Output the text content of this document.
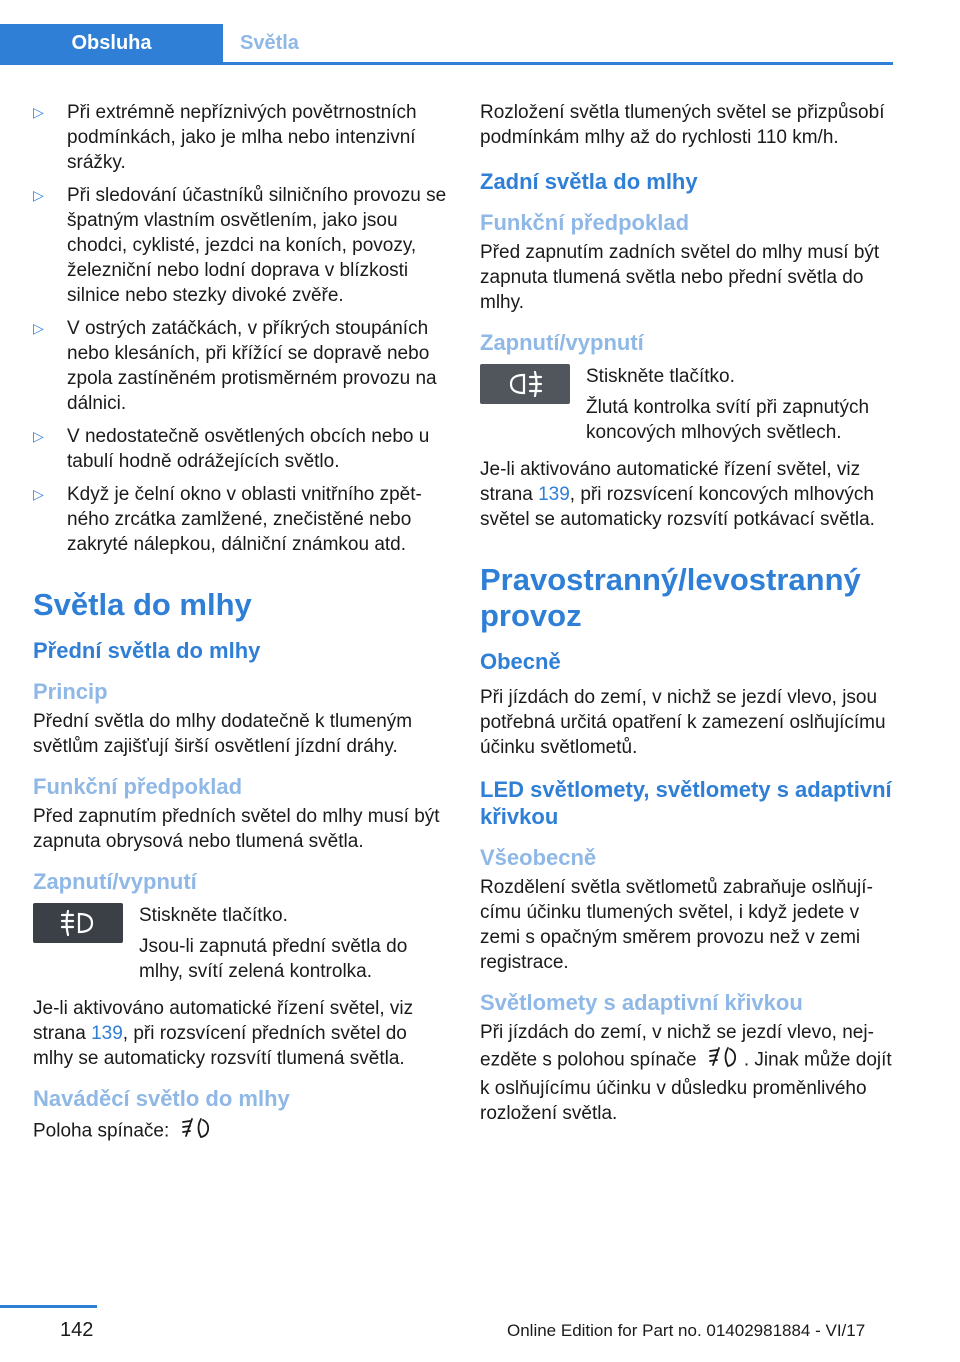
Obsluha	Světla
▷ Při extrémně nepříznivých povětrnostních podmínkách, jako je mlha nebo intenzivní srážky.
▷ Při sledování účastníků silničního provozu se špatným vlastním osvětlením, jako jsou chodci, cyklisté, jezdci na koních, povozy, železniční nebo lodní doprava v blízkosti silnice nebo stezky divoké zvěře.
▷ V ostrých zatáčkách, v příkrých stoupáních nebo klesáních, při křížící se dopravě nebo zpola zastíněném protisměrném provozu na dálnici.
▷ V nedostatečně osvětlených obcích nebo u tabulí hodně odrážejících světlo.
▷ Když je čelní okno v oblasti vnitřního zpětného zrcátka zamlžené, znečistěné nebo zakryté nálepkou, dálniční známkou atd.
Světla do mlhy
Přední světla do mlhy
Princip

Přední světla do mlhy dodatečně k tlumeným světlům zajišťují širší osvětlení jízdní dráhy.

Funkční předpoklad

Před zapnutím předních světel do mlhy musí být zapnuta obrysová nebo tlumená světla.

Zapnutí/vypnutí

Stiskněte tlačítko.

Jsou-li zapnutá přední světla do mlhy, svítí zelená kontrolka.

Je-li aktivováno automatické řízení světel, viz strana 139, při rozsvícení předních světel do mlhy se automaticky rozsvítí tlumená světla.

Naváděcí světlo do mlhy

Poloha spínače:

Rozložení světla tlumených světel se přizpůsobí podmínkám mlhy až do rychlosti 110 km/h.

Zadní světla do mlhy
Funkční předpoklad

Před zapnutím zadních světel do mlhy musí být zapnuta tlumená světla nebo přední světla do mlhy.

Zapnutí/vypnutí

Stiskněte tlačítko.

Žlutá kontrolka svítí při zapnutých koncových mlhových světlech.

Je-li aktivováno automatické řízení světel, viz strana 139, při rozsvícení koncových mlhových světel se automaticky rozsvítí potkávací světla.

Pravostranný/levostranný provoz
Obecně

Při jízdách do zemí, v nichž se jezdí vlevo, jsou potřebná určitá opatření k zamezení oslňujícímu účinku světlometů.

LED světlomety, světlomety s adaptivní křivkou
Všeobecně

Rozdělení světla světlometů zabraňuje oslňujícímu účinku tlumených světel, i když jedete v zemi s opačným směrem provozu než v zemi registrace.

Světlomety s adaptivní křivkou

Při jízdách do zemí, v nichž se jezdí vlevo, nejezděte s polohou spínače . Jinak může dojít k oslňujícímu účinku v důsledku proměnlivého rozložení světla.

142	Online Edition for Part no. 01402981884 - VI/17
